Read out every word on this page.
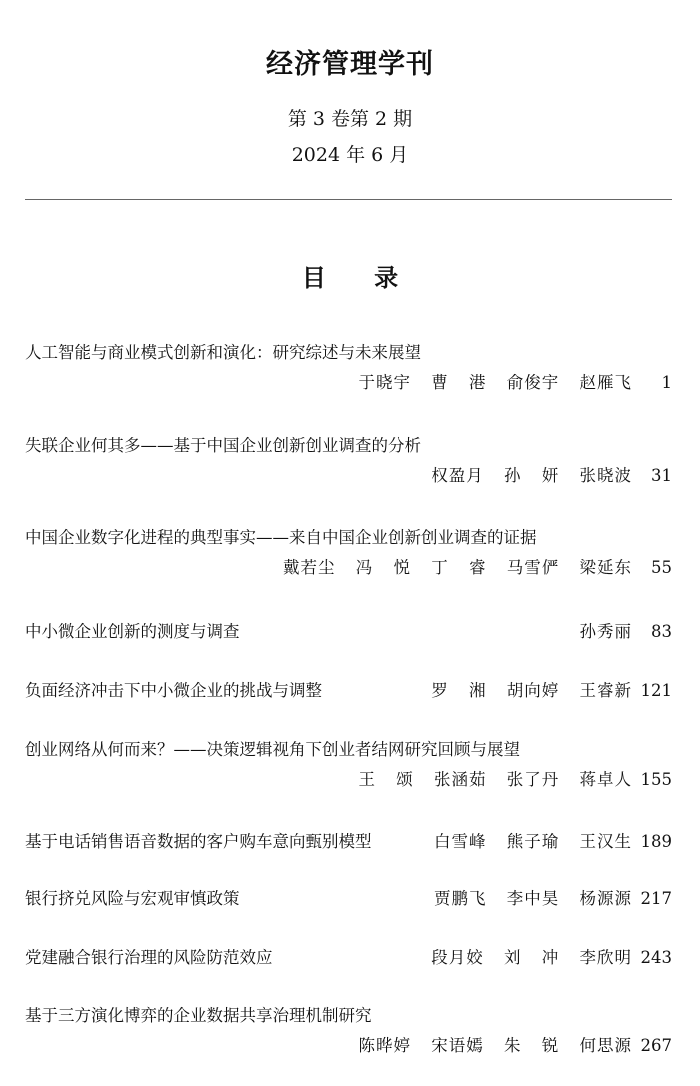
经济管理学刊
第 3 卷第 2 期
2024 年 6 月
目 录
人工智能与商业模式创新和演化：研究综述与未来展望
于晓宇 曹 港 俞俊宇 赵雁飞	1
失联企业何其多——基于中国企业创新创业调查的分析
权盈月 孙 妍 张晓波	31
中国企业数字化进程的典型事实——来自中国企业创新创业调查的证据
戴若尘 冯 悦 丁 睿 马雪俨 梁延东	55
中小微企业创新的测度与调查	孙秀丽	83
负面经济冲击下中小微企业的挑战与调整	罗 湘 胡向婷 王睿新 121
创业网络从何而来？——决策逻辑视角下创业者结网研究回顾与展望
王 颂 张涵茹 张了丹 蒋卓人 155
基于电话销售语音数据的客户购车意向甄别模型	白雪峰 熊子瑜 王汉生 189
银行挤兑风险与宏观审慎政策	贾鹏飞 李中昊 杨源源 217
党建融合银行治理的风险防范效应	段月姣 刘 冲 李欣明 243
基于三方演化博弈的企业数据共享治理机制研究
陈晔婷 宋语嫣 朱 锐 何思源 267
